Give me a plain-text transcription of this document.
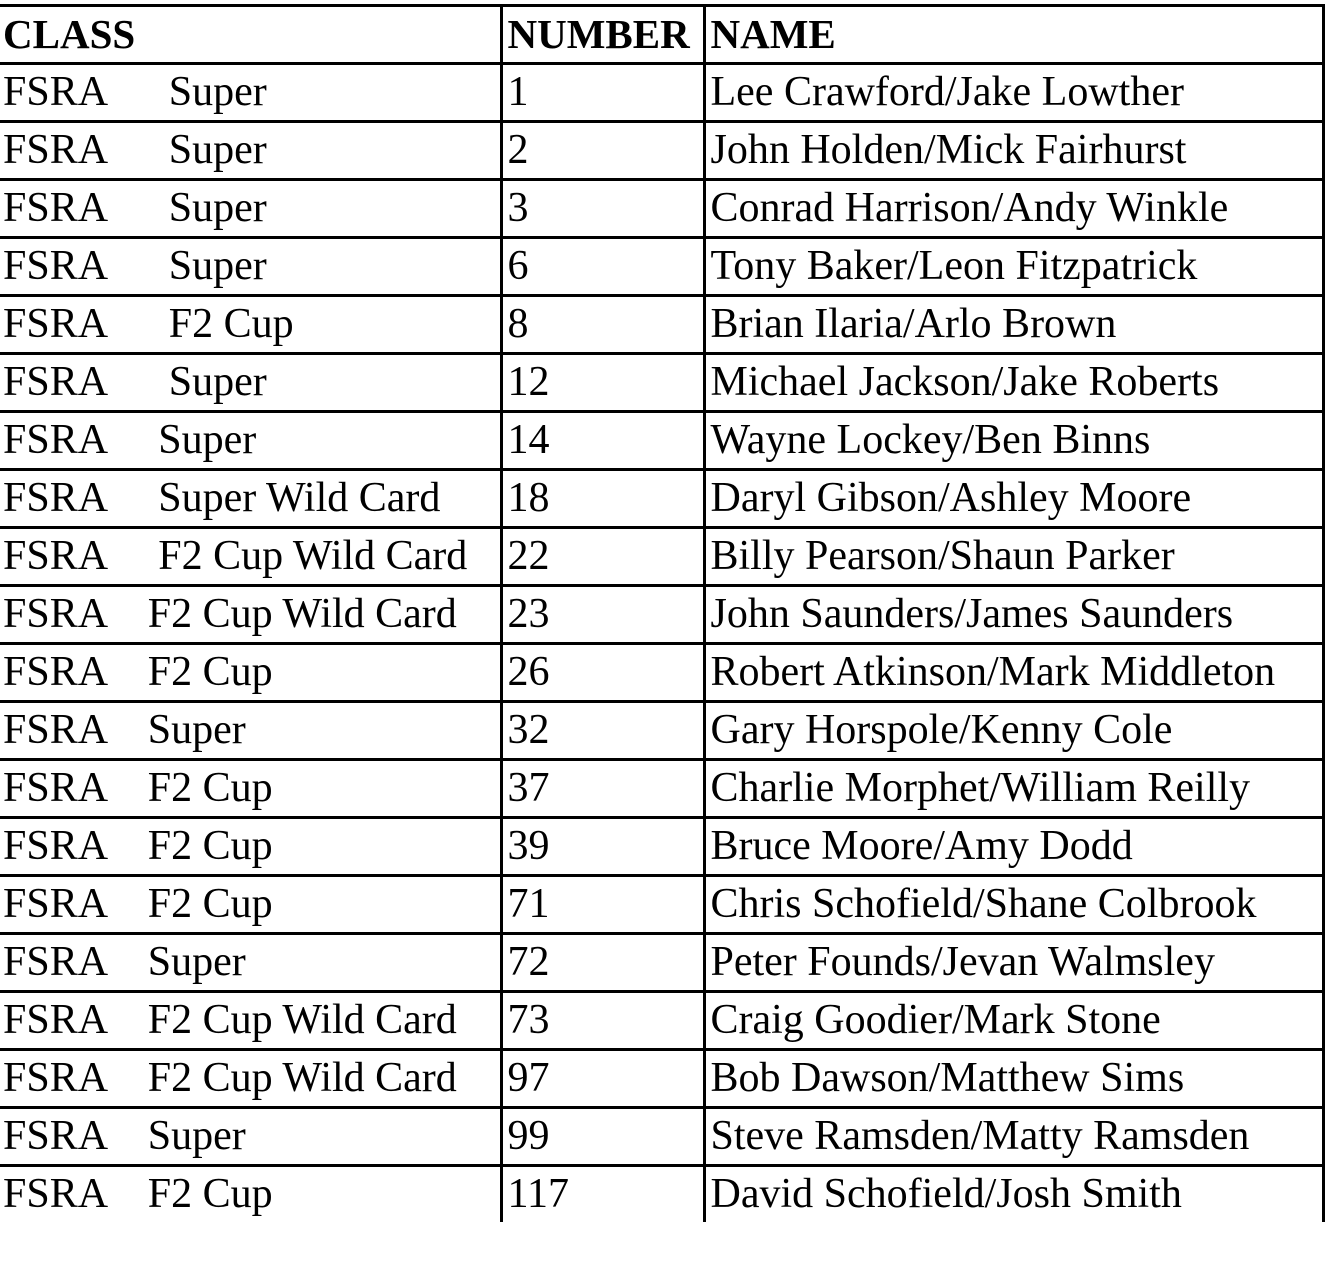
CLASS	NUMBER	NAME
FSRA      Super	1	Lee Crawford/Jake Lowther
FSRA      Super	2	John Holden/Mick Fairhurst
FSRA      Super	3	Conrad Harrison/Andy Winkle
FSRA      Super	6	Tony Baker/Leon Fitzpatrick
FSRA      F2 Cup	8	Brian Ilaria/Arlo Brown
FSRA      Super	12	Michael Jackson/Jake Roberts
FSRA     Super	14	Wayne Lockey/Ben Binns
FSRA     Super Wild Card	18	Daryl Gibson/Ashley Moore
FSRA     F2 Cup Wild Card	22	Billy Pearson/Shaun Parker
FSRA    F2 Cup Wild Card	23	John Saunders/James Saunders
FSRA    F2 Cup	26	Robert Atkinson/Mark Middleton
FSRA    Super	32	Gary Horspole/Kenny Cole
FSRA    F2 Cup	37	Charlie Morphet/William Reilly
FSRA    F2 Cup	39	Bruce Moore/Amy Dodd
FSRA    F2 Cup	71	Chris Schofield/Shane Colbrook
FSRA    Super	72	Peter Founds/Jevan Walmsley
FSRA    F2 Cup Wild Card	73	Craig Goodier/Mark Stone
FSRA    F2 Cup Wild Card	97	Bob Dawson/Matthew Sims
FSRA    Super	99	Steve Ramsden/Matty Ramsden
FSRA    F2 Cup	117	David Schofield/Josh Smith
